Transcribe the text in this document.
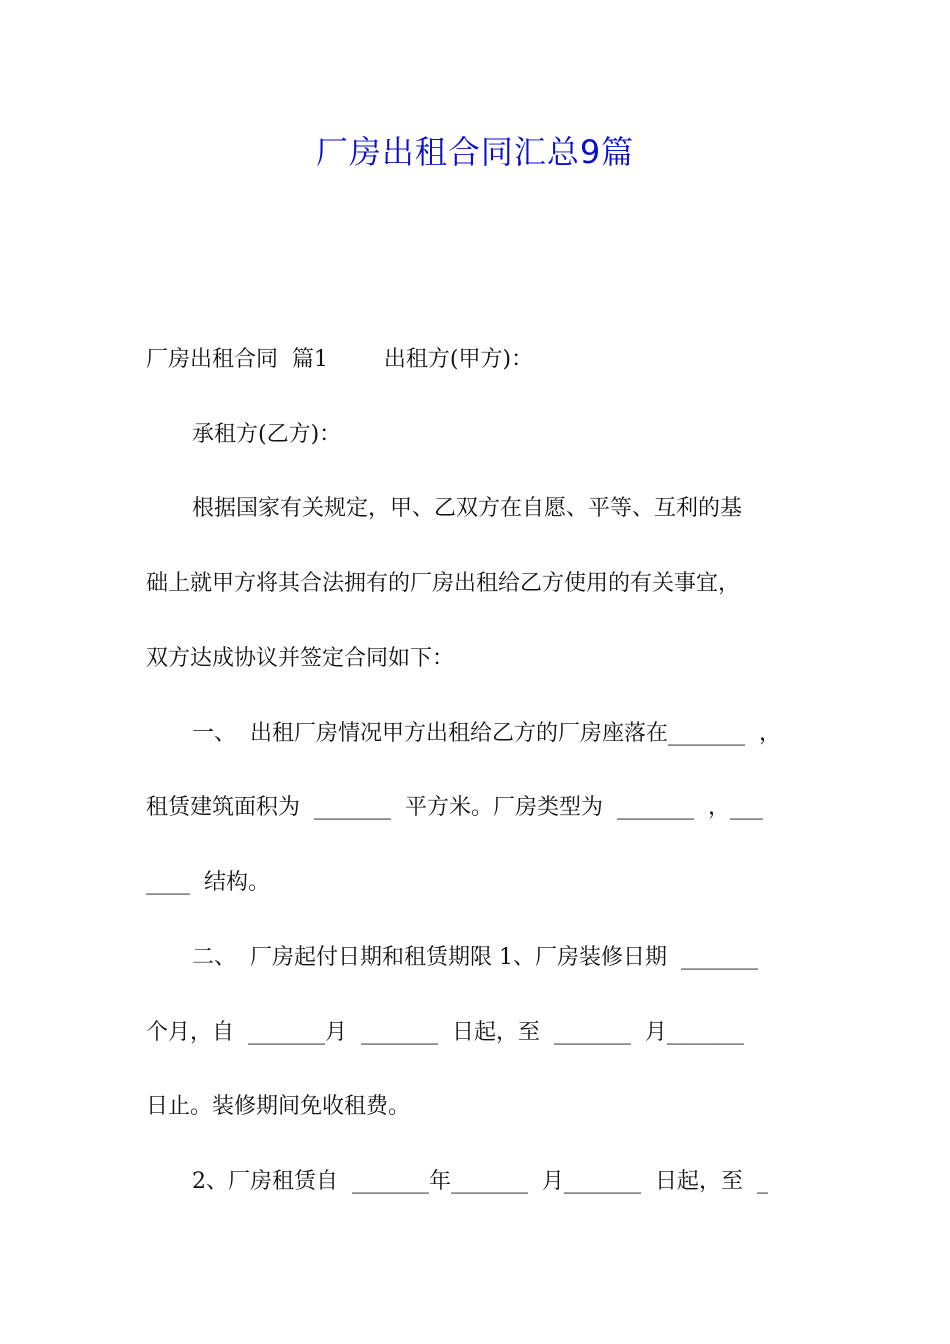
厂房出租合同汇总9篇
厂房出租合同  篇1        出租方(甲方)：
承租方(乙方)：
根据国家有关规定，甲、乙双方在自愿、平等、互利的基
础上就甲方将其合法拥有的厂房出租给乙方使用的有关事宜，
双方达成协议并签定合同如下：
一、  出租厂房情况甲方出租给乙方的厂房座落在_______  ，
租赁建筑面积为  _______  平方米。厂房类型为  _______  ，___
____  结构。
二、  厂房起付日期和租赁期限 1、厂房装修日期  _______
个月，自  _______月  _______  日起，至  _______  月_______
日止。装修期间免收租费。
2、厂房租赁自  _______年_______  月_______  日起，至  _
